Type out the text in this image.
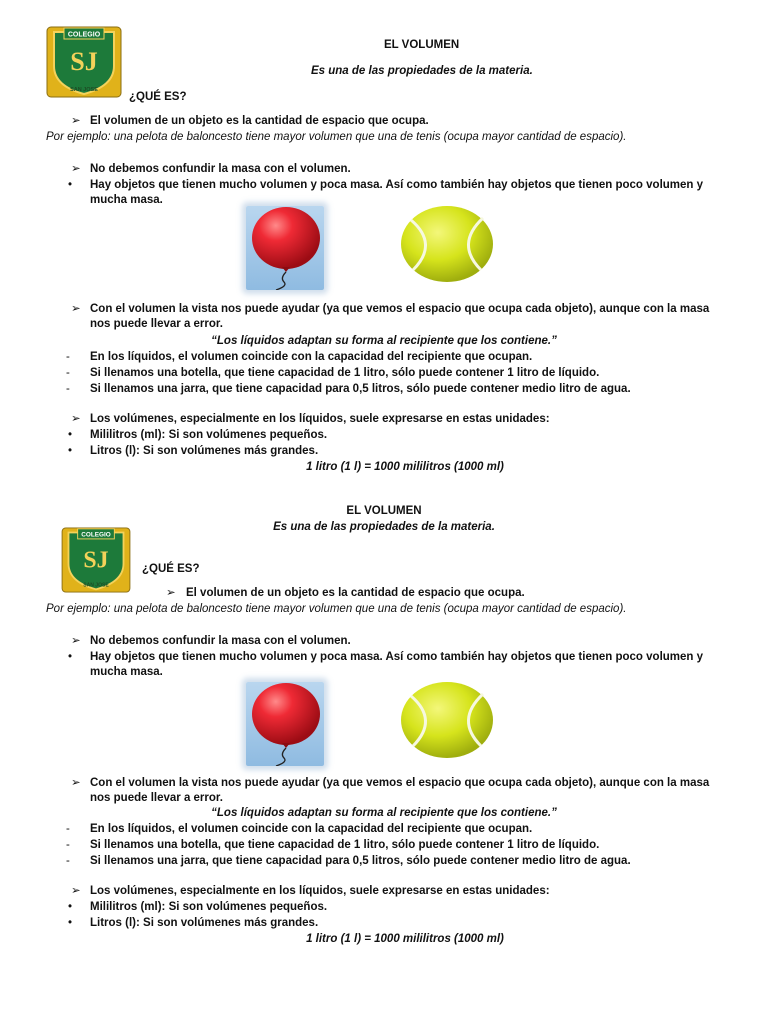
COLEGIO
SJ
SAN JOSE
EL VOLUMEN
Es una de las propiedades de la materia.
¿QUÉ ES?
➢ El volumen de un objeto es la cantidad de espacio que ocupa.
Por ejemplo: una pelota de baloncesto tiene mayor volumen que una de tenis (ocupa mayor cantidad de espacio).
➢ No debemos confundir la masa con el volumen.
• Hay objetos que tienen mucho volumen y poca masa. Así como también hay objetos que tienen poco volumen y mucha masa.
➢ Con el volumen la vista nos puede ayudar (ya que vemos el espacio que ocupa cada objeto), aunque con la masa nos puede llevar a error.
“Los líquidos adaptan su forma al recipiente que los contiene.”
- En los líquidos, el volumen coincide con la capacidad del recipiente que ocupan.
- Si llenamos una botella, que tiene capacidad de 1 litro, sólo puede contener 1 litro de líquido.
- Si llenamos una jarra, que tiene capacidad para 0,5 litros, sólo puede contener medio litro de agua.
➢ Los volúmenes, especialmente en los líquidos, suele expresarse en estas unidades:
• Mililitros (ml): Si son volúmenes pequeños.
• Litros (l): Si son volúmenes más grandes.
1 litro (1 l) = 1000 mililitros (1000 ml)
COLEGIO
SJ
SAN JOSE
EL VOLUMEN
Es una de las propiedades de la materia.
¿QUÉ ES?
➢ El volumen de un objeto es la cantidad de espacio que ocupa.
Por ejemplo: una pelota de baloncesto tiene mayor volumen que una de tenis (ocupa mayor cantidad de espacio).
➢ No debemos confundir la masa con el volumen.
• Hay objetos que tienen mucho volumen y poca masa. Así como también hay objetos que tienen poco volumen y mucha masa.
➢ Con el volumen la vista nos puede ayudar (ya que vemos el espacio que ocupa cada objeto), aunque con la masa nos puede llevar a error.
“Los líquidos adaptan su forma al recipiente que los contiene.”
- En los líquidos, el volumen coincide con la capacidad del recipiente que ocupan.
- Si llenamos una botella, que tiene capacidad de 1 litro, sólo puede contener 1 litro de líquido.
- Si llenamos una jarra, que tiene capacidad para 0,5 litros, sólo puede contener medio litro de agua.
➢ Los volúmenes, especialmente en los líquidos, suele expresarse en estas unidades:
• Mililitros (ml): Si son volúmenes pequeños.
• Litros (l): Si son volúmenes más grandes.
1 litro (1 l) = 1000 mililitros (1000 ml)
